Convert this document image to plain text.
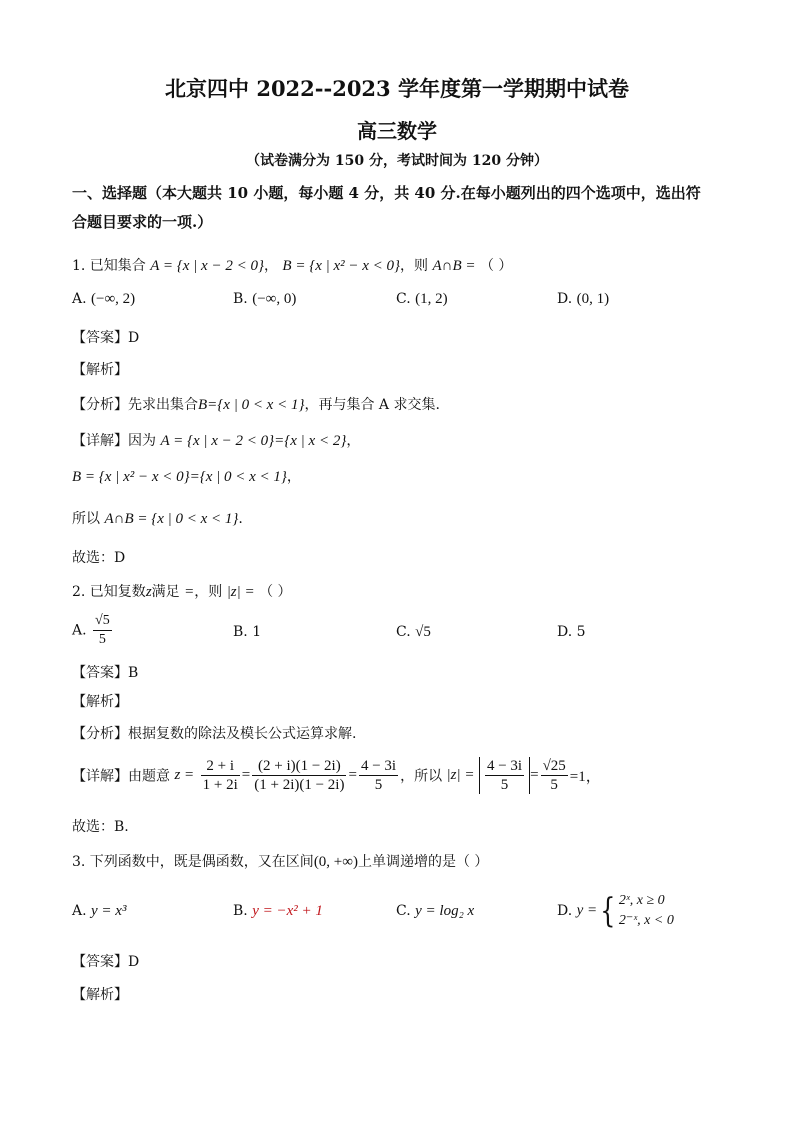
北京四中 2022--2023 学年度第一学期期中试卷
高三数学
（试卷满分为 150 分，考试时间为 120 分钟）
一、选择题（本大题共 10 小题，每小题 4 分，共 40 分.在每小题列出的四个选项中，选出符
合题目要求的一项.）
1. 已知集合 A = {x | x − 2 < 0}， B = {x | x² − x < 0}，则 A∩B = （ ）
A. (−∞, 2)	B. (−∞, 0)	C. (1, 2)	D. (0, 1)
【答案】D
【解析】
【分析】先求出集合B={x | 0 < x < 1}，再与集合 A 求交集.
【详解】因为 A = {x | x − 2 < 0}={x | x < 2}，
B = {x | x² − x < 0}={x | 0 < x < 1}，
所以 A∩B = {x | 0 < x < 1}.
故选：D
2. 已知复数z满足 =，则 |z| = （ ）
A. $\frac{√5}{5}$	B. 1	C. √5	D. 5
【答案】B
【解析】
【分析】根据复数的除法及模长公式运算求解.
【详解】由题意 $z = \frac{2 + i}{1 + 2i} = \frac{(2 + i)(1 - 2i)}{(1 + 2i)(1 - 2i)} = \frac{4 - 3i}{5}$ ，所以 $|z| = \frac{4 - 3i}{5} = \frac{√25}{5} =1$，
故选：B.
3. 下列函数中，既是偶函数，又在区间(0, +∞)上单调递增的是（ ）
A. y = x³	B. y = −x² + 1	C. y = log₂ x	D. y ={ 2ˣ, x ≥ 0
2⁻ˣ, x < 0
【答案】D
【解析】
